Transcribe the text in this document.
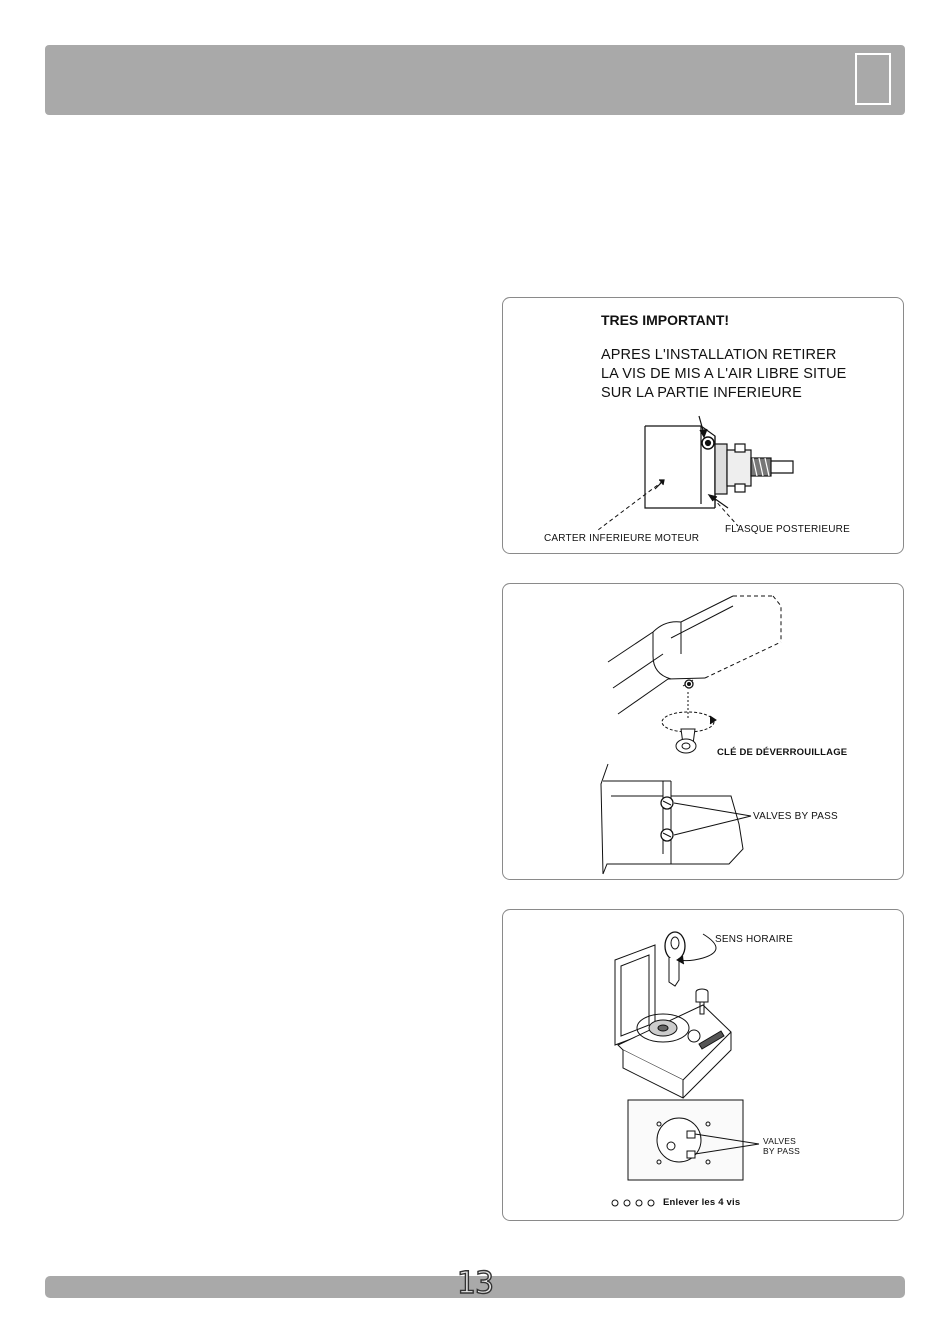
TRES IMPORTANT!
APRES L'INSTALLATION RETIRER
LA VIS DE MIS A L'AIR LIBRE SITUE
SUR LA PARTIE INFERIEURE
CARTER INFERIEURE MOTEUR
FLASQUE POSTERIEURE
CLÉ DE DÉVERROUILLAGE
VALVES BY PASS
SENS HORAIRE
VALVES
BY PASS
Enlever les 4 vis
13
